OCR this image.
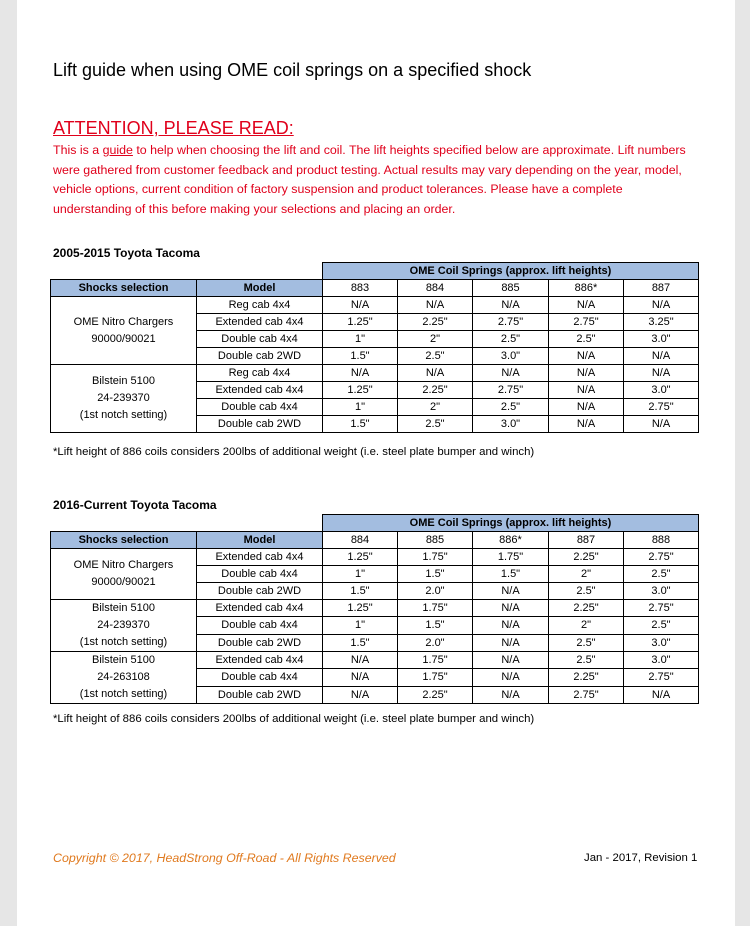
Lift guide when using OME coil springs on a specified shock
ATTENTION, PLEASE READ:
This is a guide to help when choosing the lift and coil. The lift heights specified below are approximate. Lift numbers were gathered from customer feedback and product testing. Actual results may vary depending on the year, model, vehicle options, current condition of factory suspension and product tolerances. Please have a complete understanding of this before making your selections and placing an order.
2005-2015 Toyota Tacoma
		OME Coil Springs (approx. lift heights)				
Shocks selection	Model	883	884	885	886*	887

OME Nitro Chargers
90000/90021	Reg cab 4x4	N/A	N/A	N/A	N/A	N/A
	Extended cab 4x4	1.25"	2.25"	2.75"	2.75"	3.25"
	Double cab 4x4	1"	2"	2.5"	2.5"	3.0"
	Double cab 2WD	1.5"	2.5"	3.0"	N/A	N/A

Bilstein 5100
24-239370
(1st notch setting)	Reg cab 4x4	N/A	N/A	N/A	N/A	N/A
	Extended cab 4x4	1.25"	2.25"	2.75"	N/A	3.0"
	Double cab 4x4	1"	2"	2.5"	N/A	2.75"
	Double cab 2WD	1.5"	2.5"	3.0"	N/A	N/A
*Lift height of 886 coils considers 200lbs of additional weight (i.e. steel plate bumper and winch)
2016-Current Toyota Tacoma
		OME Coil Springs (approx. lift heights)				
Shocks selection	Model	884	885	886*	887	888

OME Nitro Chargers
90000/90021	Extended cab 4x4	1.25"	1.75"	1.75"	2.25"	2.75"
	Double cab 4x4	1"	1.5"	1.5"	2"	2.5"
	Double cab 2WD	1.5"	2.0"	N/A	2.5"	3.0"

Bilstein 5100
24-239370
(1st notch setting)	Extended cab 4x4	1.25"	1.75"	N/A	2.25"	2.75"
	Double cab 4x4	1"	1.5"	N/A	2"	2.5"
	Double cab 2WD	1.5"	2.0"	N/A	2.5"	3.0"

Bilstein 5100
24-263108
(1st notch setting)	Extended cab 4x4	N/A	1.75"	N/A	2.5"	3.0"
	Double cab 4x4	N/A	1.75"	N/A	2.25"	2.75"
	Double cab 2WD	N/A	2.25"	N/A	2.75"	N/A
*Lift height of 886 coils considers 200lbs of additional weight (i.e. steel plate bumper and winch)
Copyright © 2017, HeadStrong Off-Road - All Rights Reserved	Jan - 2017, Revision 1
